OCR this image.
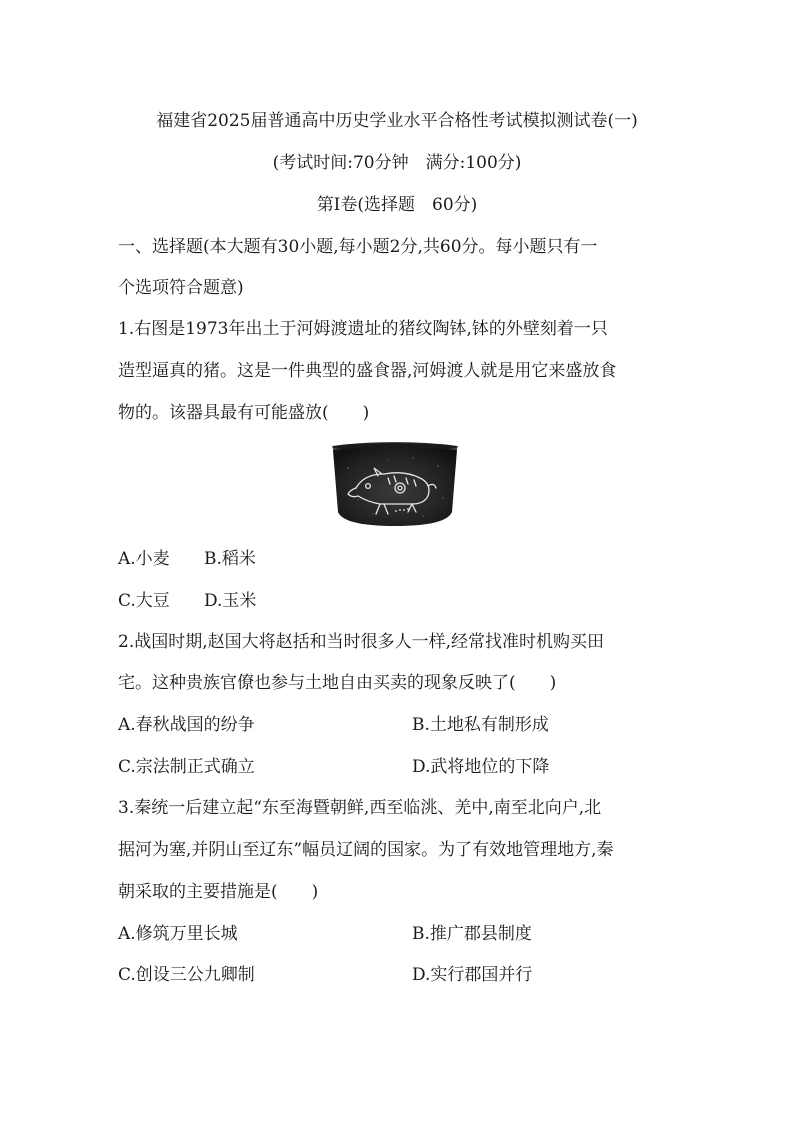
福建省2025届普通高中历史学业水平合格性考试模拟测试卷(一)
(考试时间:70分钟　满分:100分)
第Ⅰ卷(选择题　60分)
一、选择题(本大题有30小题,每小题2分,共60分。每小题只有一
个选项符合题意)
1.右图是1973年出土于河姆渡遗址的猪纹陶钵,钵的外壁刻着一只
造型逼真的猪。这是一件典型的盛食器,河姆渡人就是用它来盛放食
物的。该器具最有可能盛放(　　)
A.小麦 B.稻米
C.大豆 D.玉米
2.战国时期,赵国大将赵括和当时很多人一样,经常找准时机购买田
宅。这种贵族官僚也参与土地自由买卖的现象反映了(　　)
A.春秋战国的纷争	B.土地私有制形成
C.宗法制正式确立	D.武将地位的下降
3.秦统一后建立起“东至海暨朝鲜,西至临洮、羌中,南至北向户,北
据河为塞,并阴山至辽东”幅员辽阔的国家。为了有效地管理地方,秦
朝采取的主要措施是(　　)
A.修筑万里长城	B.推广郡县制度
C.创设三公九卿制	D.实行郡国并行
